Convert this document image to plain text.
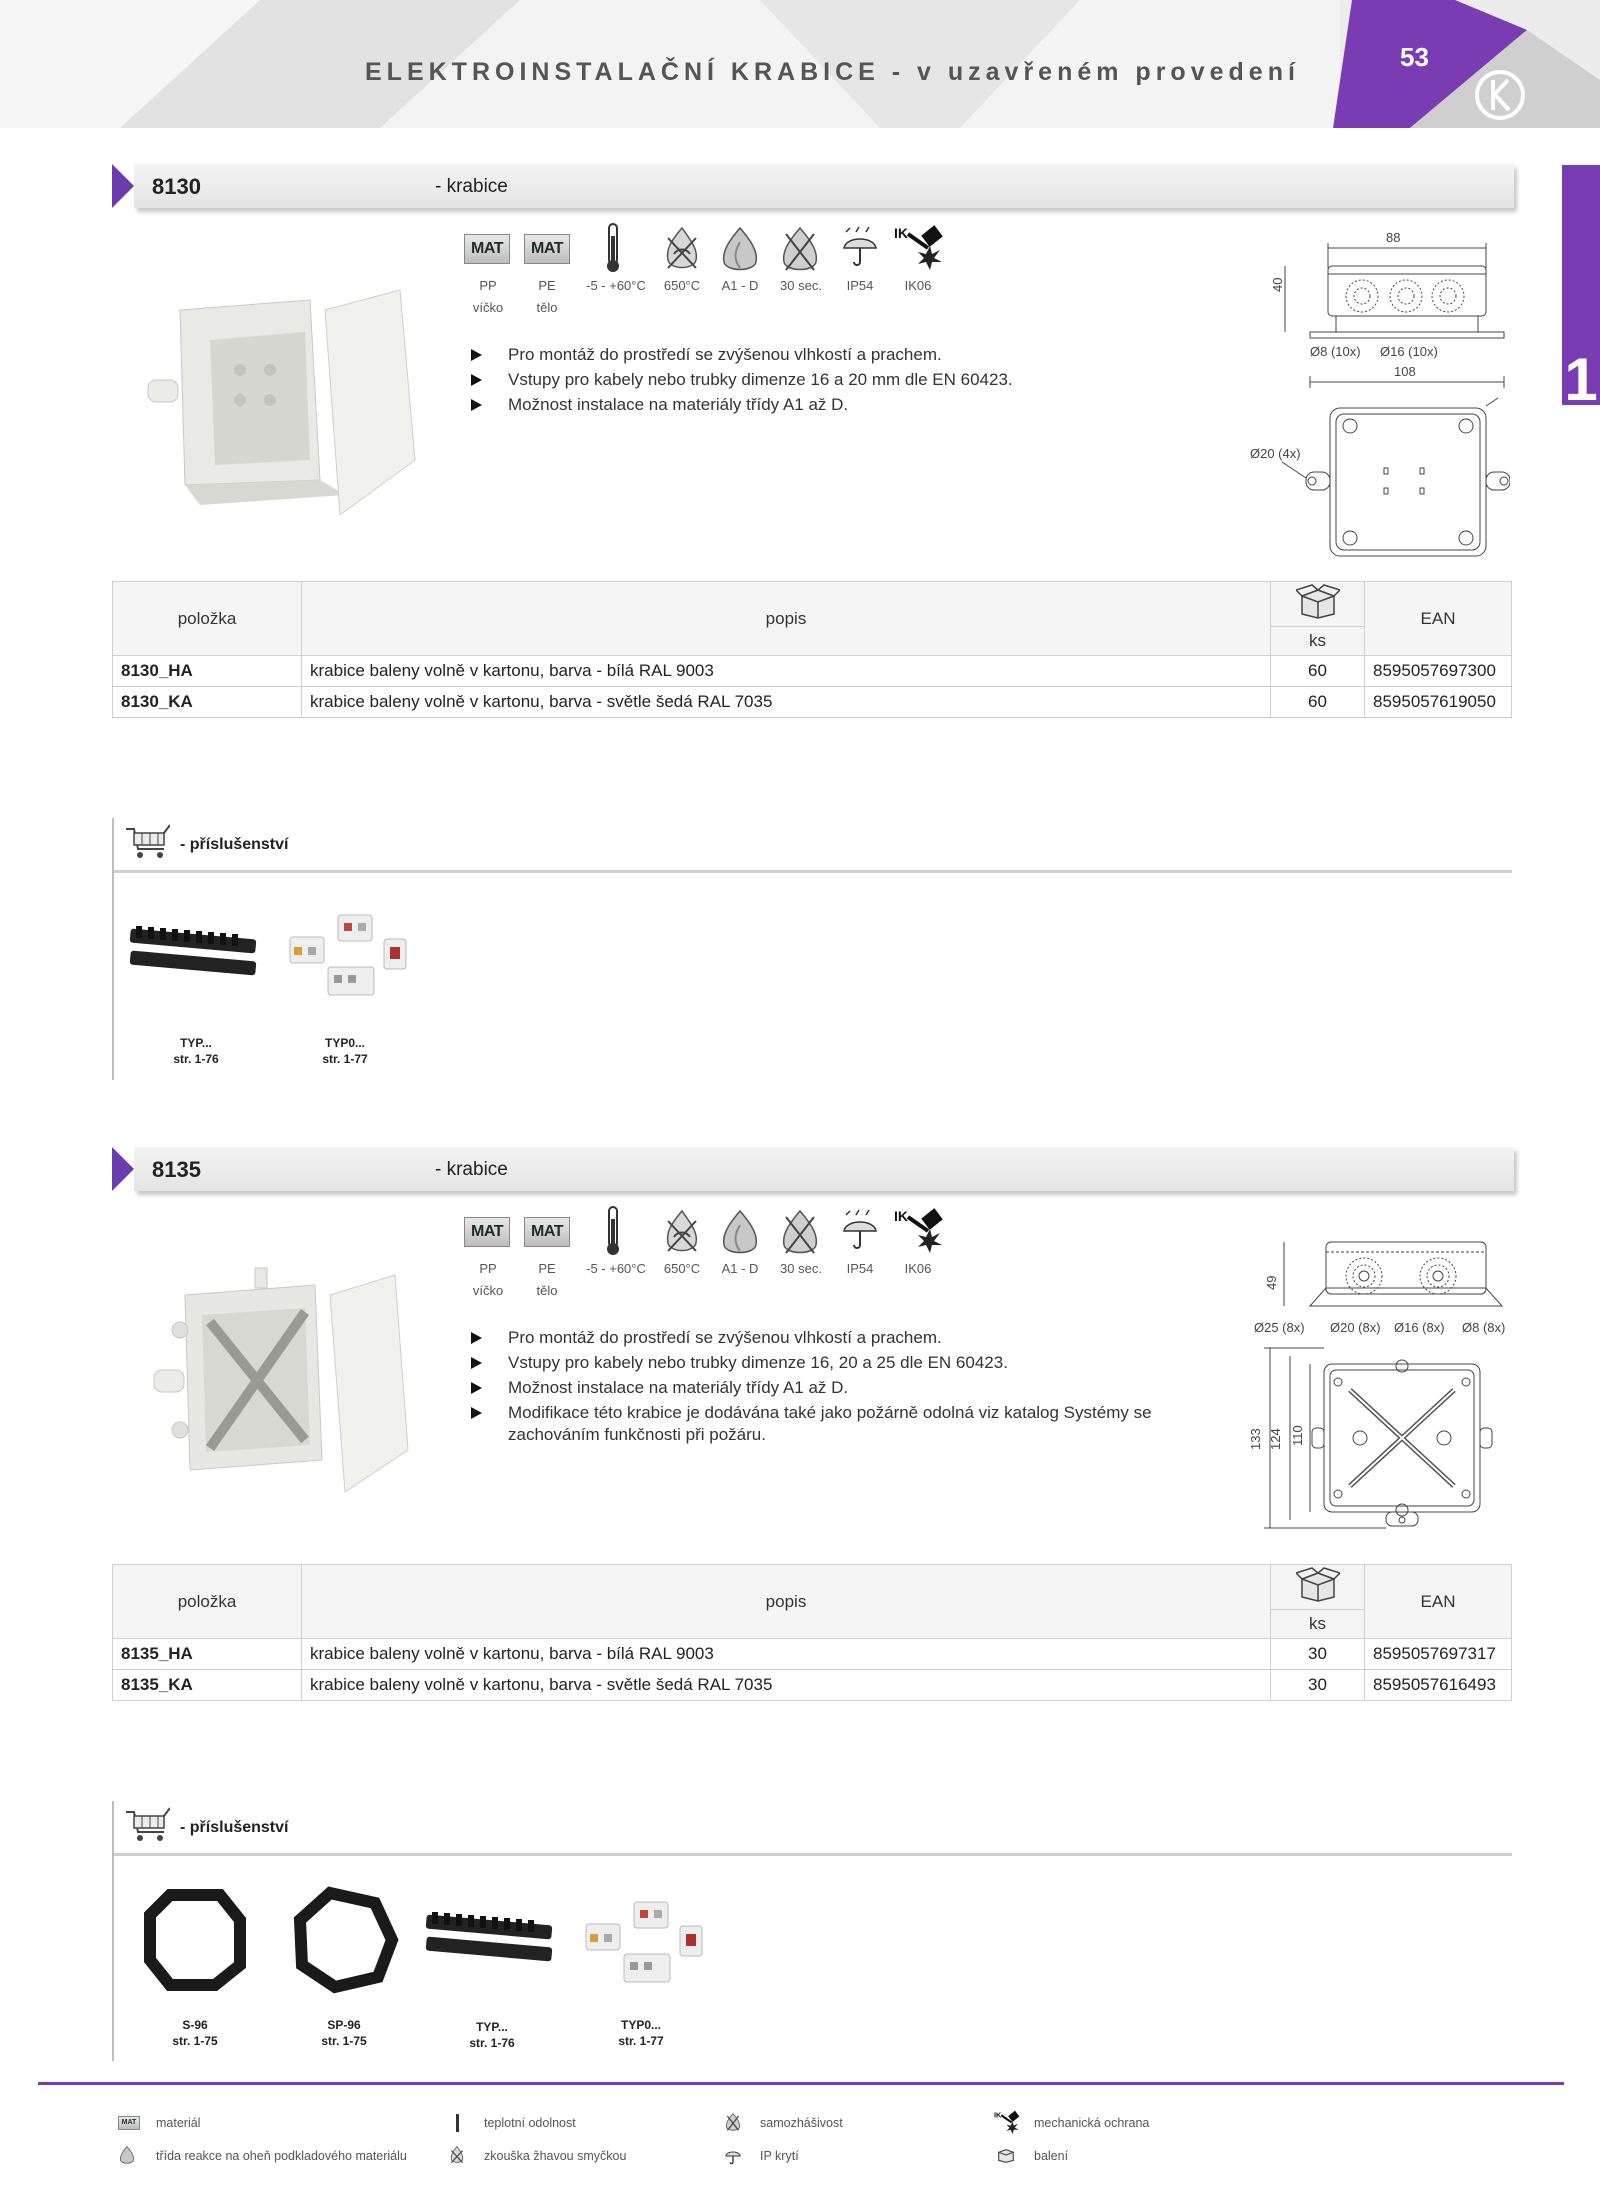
ELEKTROINSTALAČNÍ KRABICE - v uzavřeném provedení	53
1
8130	- krabice
MAT	MAT
IK
PP
víčko
PE
tělo
-5 - +60°C	650°C A1 - D	30 sec.	IP54	IK06
Pro montáž do prostředí se zvýšenou vlhkostí a prachem.
Vstupy pro kabely nebo trubky dimenze 16 a 20 mm dle EN 60423.
Možnost instalace na materiály třídy A1 až D.
88
40
Ø8 (10x) Ø16 (10x)
108
Ø20 (4x)
položka	popis		EAN
		ks	
8130_HA	krabice baleny volně v kartonu, barva - bílá RAL 9003	60	8595057697300
8130_KA	krabice baleny volně v kartonu, barva - světle šedá RAL 7035	60	8595057619050
- příslušenství
TYP...
str. 1-76
TYP0...
str. 1-77
8135	- krabice
MAT	MAT
IK
PP
víčko
PE
tělo
-5 - +60°C	650°C A1 - D	30 sec.	IP54	IK06
Pro montáž do prostředí se zvýšenou vlhkostí a prachem.
Vstupy pro kabely nebo trubky dimenze 16, 20 a 25 dle EN 60423.
Možnost instalace na materiály třídy A1 až D.
Modifikace této krabice je dodávána také jako požárně odolná viz katalog Systémy se zachováním funkčnosti při požáru.
49
Ø25 (8x) Ø20 (8x) Ø16 (8x) Ø8 (8x)
133 124 110
položka	popis		EAN
		ks	
8135_HA	krabice baleny volně v kartonu, barva - bílá RAL 9003	30	8595057697317
8135_KA	krabice baleny volně v kartonu, barva - světle šedá RAL 7035	30	8595057616493
- příslušenství
S-96
str. 1-75
SP-96
str. 1-75
TYP...
str. 1-76
TYP0...
str. 1-77
MAT materiál	teplotní odolnost	samozhášivost
IK
mechanická ochrana
třída reakce na oheň podkladového materiálu	zkouška žhavou smyčkou	IP krytí	balení
